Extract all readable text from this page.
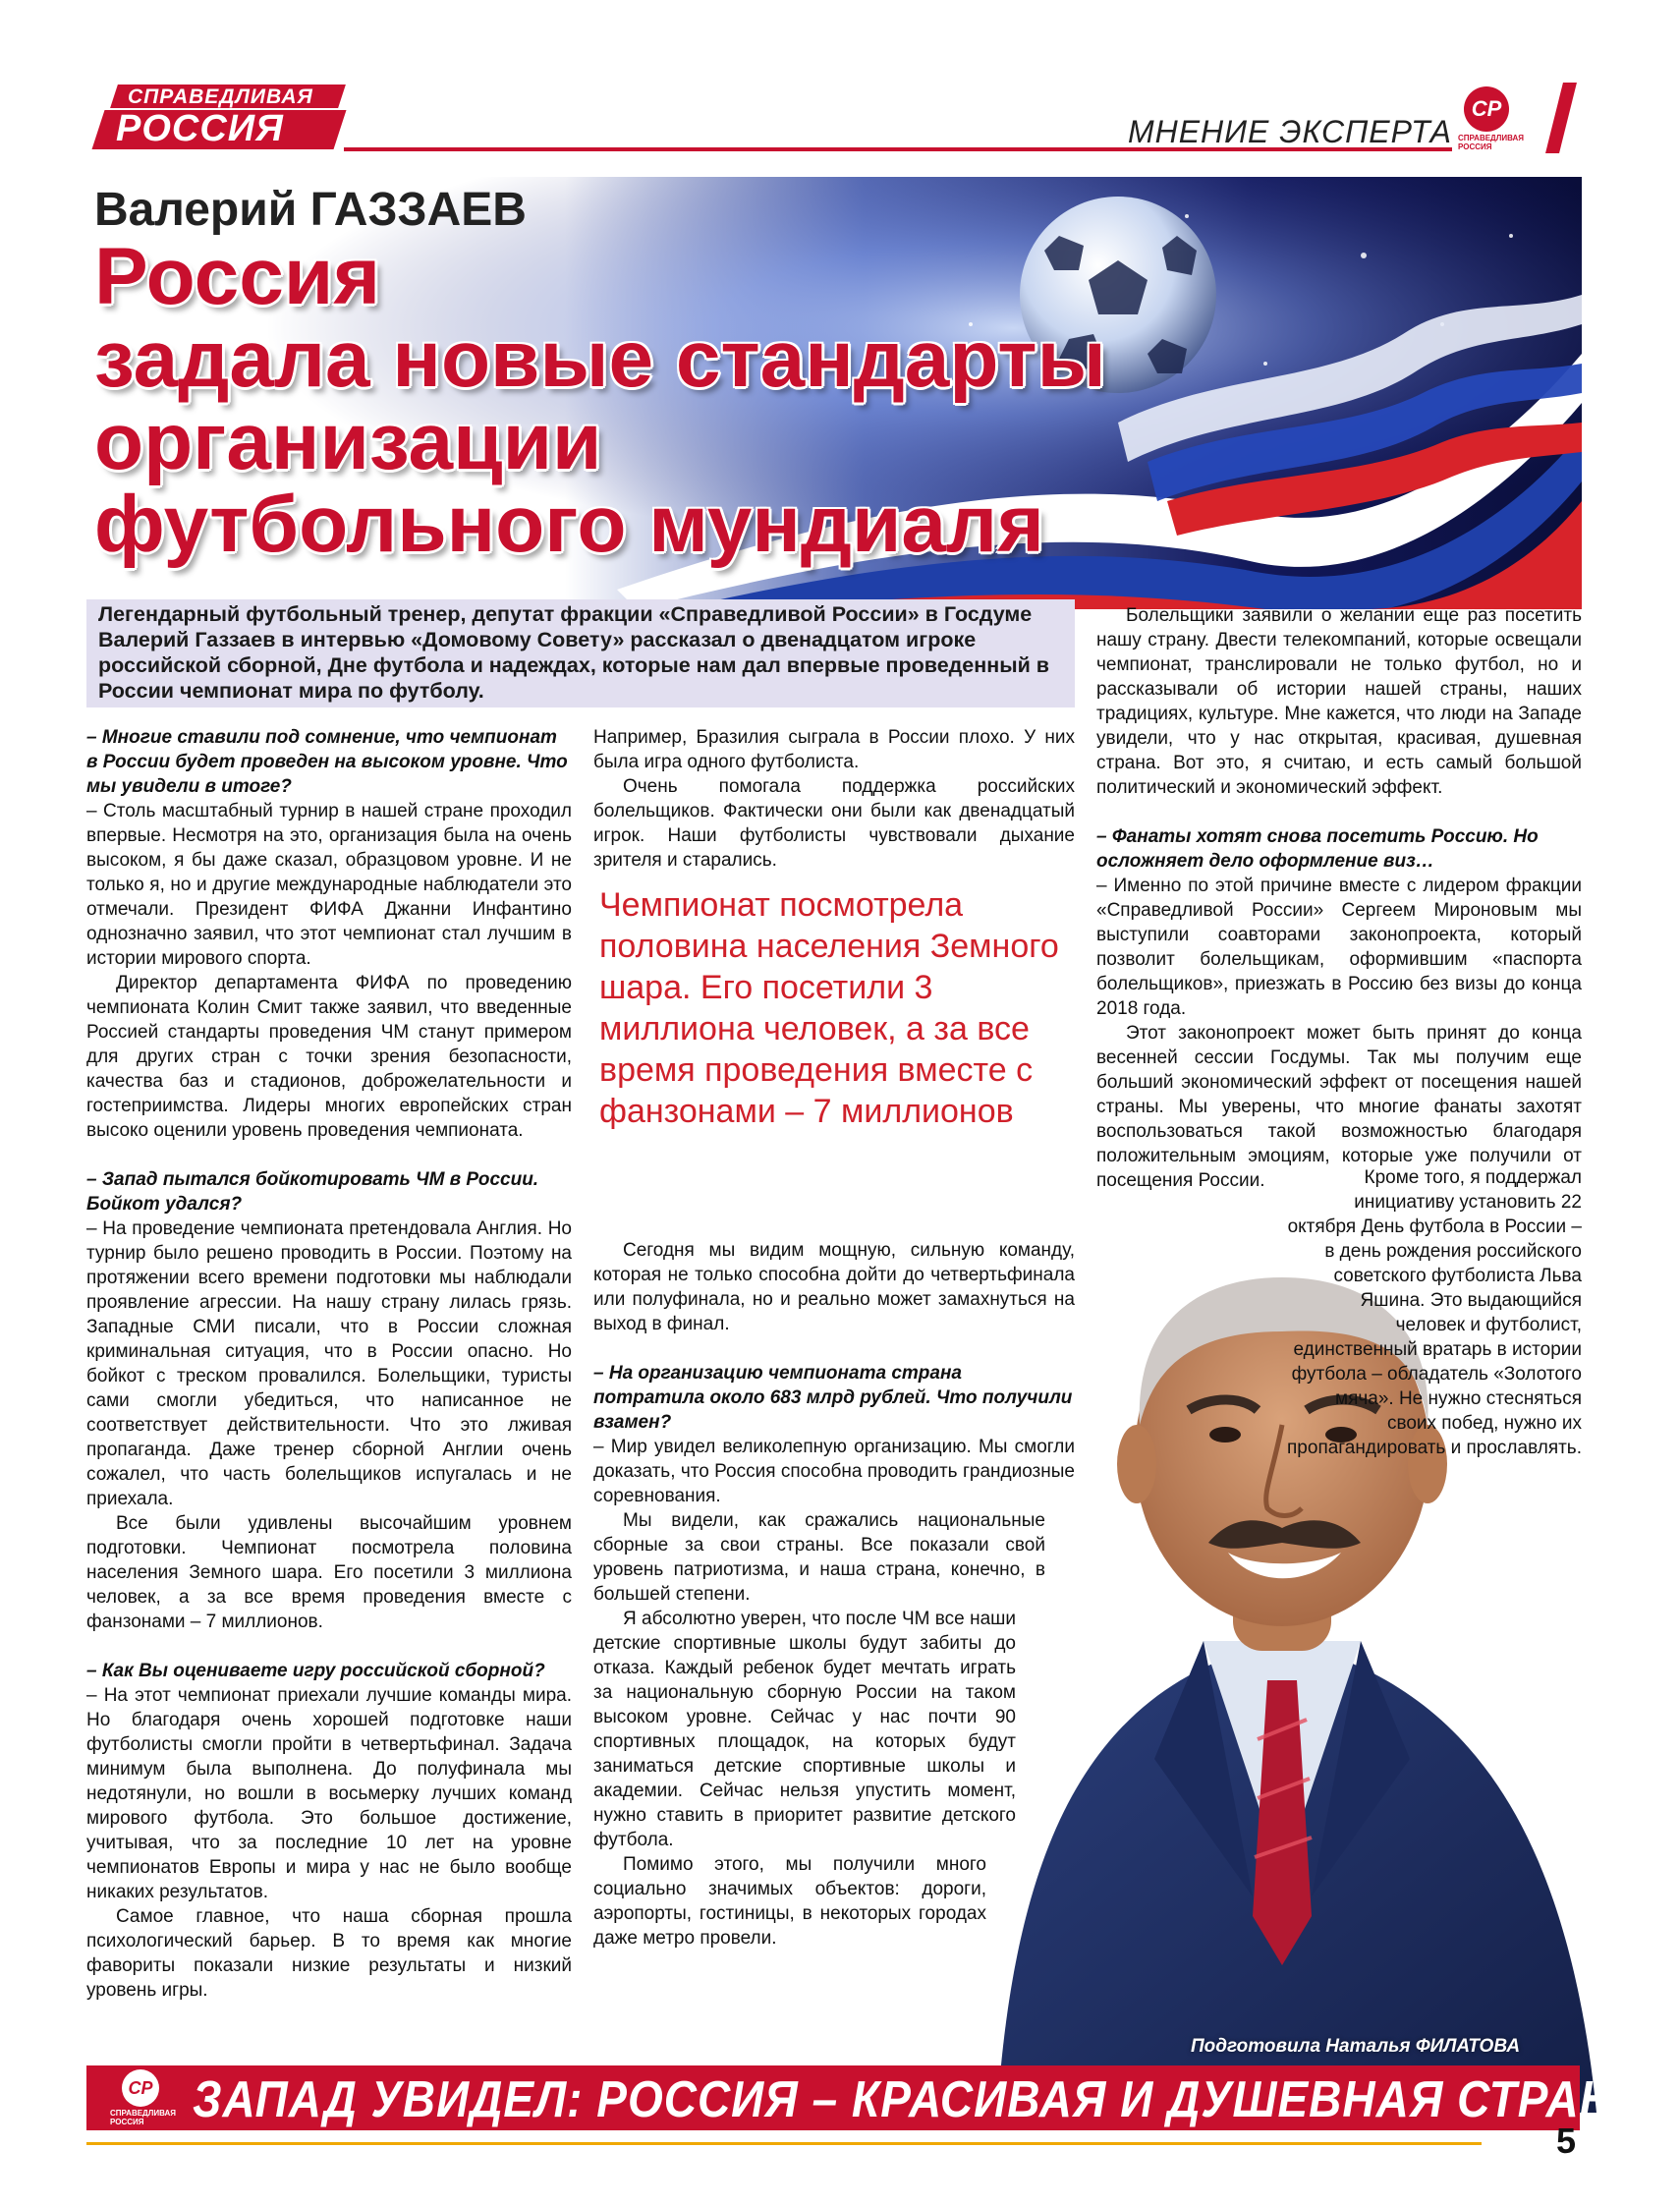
СПРАВЕДЛИВАЯ
РОССИЯ	МНЕНИЕ ЭКСПЕРТА
СР
СПРАВЕДЛИВАЯ
РОССИЯ
Валерий ГАЗЗАЕВ
Россия
задала новые стандарты
организации
футбольного мундиаля
Легендарный футбольный тренер, депутат фракции «Справедливой России» в Госдуме Валерий Газзаев в интервью «Домовому Совету» рассказал о двенадцатом игроке российской сборной, Дне футбола и надеждах, которые нам дал впервые проведенный в России чемпионат мира по футболу.

– Многие ставили под сомнение, что чемпионат в России будет проведен на высоком уровне. Что мы увидели в итоге?

– Столь масштабный турнир в нашей стране проходил впервые. Несмотря на это, организация была на очень высоком, я бы даже сказал, образцовом уровне. И не только я, но и другие международные наблюдатели это отмечали. Президент ФИФА Джанни Инфантино однозначно заявил, что этот чемпионат стал лучшим в истории мирового спорта.

Директор департамента ФИФА по проведению чемпионата Колин Смит также заявил, что введенные Россией стандарты проведения ЧМ станут примером для других стран с точки зрения безопасности, качества баз и стадионов, доброжелательности и гостеприимства. Лидеры многих европейских стран высоко оценили уровень проведения чемпионата.

– Запад пытался бойкотировать ЧМ в России. Бойкот удался?

– На проведение чемпионата претендовала Англия. Но турнир было решено проводить в России. Поэтому на протяжении всего времени подготовки мы наблюдали проявление агрессии. На нашу страну лилась грязь. Западные СМИ писали, что в России сложная криминальная ситуация, что в России опасно. Но бойкот с треском провалился. Болельщики, туристы сами смогли убедиться, что написанное не соответствует действительности. Что это лживая пропаганда. Даже тренер сборной Англии очень сожалел, что часть болельщиков испугалась и не приехала.

Все были удивлены высочайшим уровнем подготовки. Чемпионат посмотрела половина населения Земного шара. Его посетили 3 миллиона человек, а за все время проведения вместе с фанзонами – 7 миллионов.

– Как Вы оцениваете игру российской сборной?

– На этот чемпионат приехали лучшие команды мира. Но благодаря очень хорошей подготовке наши футболисты смогли пройти в четвертьфинал. Задача минимум была выполнена. До полуфинала мы недотянули, но вошли в восьмерку лучших команд мирового футбола. Это большое достижение, учитывая, что за последние 10 лет на уровне чемпионатов Европы и мира у нас не было вообще никаких результатов.

Самое главное, что наша сборная прошла психологический барьер. В то время как многие фавориты показали низкие результаты и низкий уровень игры.

Например, Бразилия сыграла в России плохо. У них была игра одного футболиста.

Очень помогала поддержка российских болельщиков. Фактически они были как двенадцатый игрок. Наши футболисты чувствовали дыхание зрителя и старались.

Чемпионат посмотрела половина населения Земного шара. Его посетили 3 миллиона человек, а за все время проведения вместе с фанзонами – 7 миллионов

Сегодня мы видим мощную, сильную команду, которая не только способна дойти до четвертьфинала или полуфинала, но и реально может замахнуться на выход в финал.

– На организацию чемпионата страна потратила около 683 млрд рублей. Что получили взамен?

– Мир увидел великолепную организацию. Мы смогли доказать, что Россия способна проводить грандиозные соревнования.

Мы видели, как сражались национальные сборные за свои страны. Все показали свой уровень патриотизма, и наша страна, конечно, в большей степени.

Я абсолютно уверен, что после ЧМ все наши детские спортивные школы будут забиты до отказа. Каждый ребенок будет мечтать играть за национальную сборную России на таком высоком уровне. Сейчас у нас почти 90 спортивных площадок, на которых будут заниматься детские спортивные школы и академии. Сейчас нельзя упустить момент, нужно ставить в приоритет развитие детского футбола.

Помимо этого, мы получили много социально значимых объектов: дороги, аэропорты, гостиницы, в некоторых городах даже метро провели.

Болельщики заявили о желании еще раз посетить нашу страну. Двести телекомпаний, которые освещали чемпионат, транслировали не только футбол, но и рассказывали об истории нашей страны, наших традициях, культуре. Мне кажется, что люди на Западе увидели, что у нас открытая, красивая, душевная страна. Вот это, я считаю, и есть самый большой политический и экономический эффект.

– Фанаты хотят снова посетить Россию. Но осложняет дело оформление виз…

– Именно по этой причине вместе с лидером фракции «Справедливой России» Сергеем Мироновым мы выступили соавторами законопроекта, который позволит болельщикам, оформившим «паспорта болельщиков», приезжать в Россию без визы до конца 2018 года.

Этот законопроект может быть принят до конца весенней сессии Госдумы. Так мы получим еще больший экономический эффект от посещения нашей страны. Мы уверены, что многие фанаты захотят воспользоваться такой возможностью благодаря положительным эмоциям, которые уже получили от посещения России.	Кроме того, я поддержал инициативу установить 22 октября День футбола в России – в день рождения российского советского футболиста Льва Яшина. Это выдающийся человек и футболист, единственный вратарь в истории футбола – обладатель «Золотого мяча». Не нужно стесняться своих побед, нужно их пропагандировать и прославлять.
Подготовила Наталья ФИЛАТОВА
СР
СПРАВЕДЛИВАЯ
РОССИЯ	ЗАПАД УВИДЕЛ: РОССИЯ – КРАСИВАЯ И ДУШЕВНАЯ СТРАНА!
5
